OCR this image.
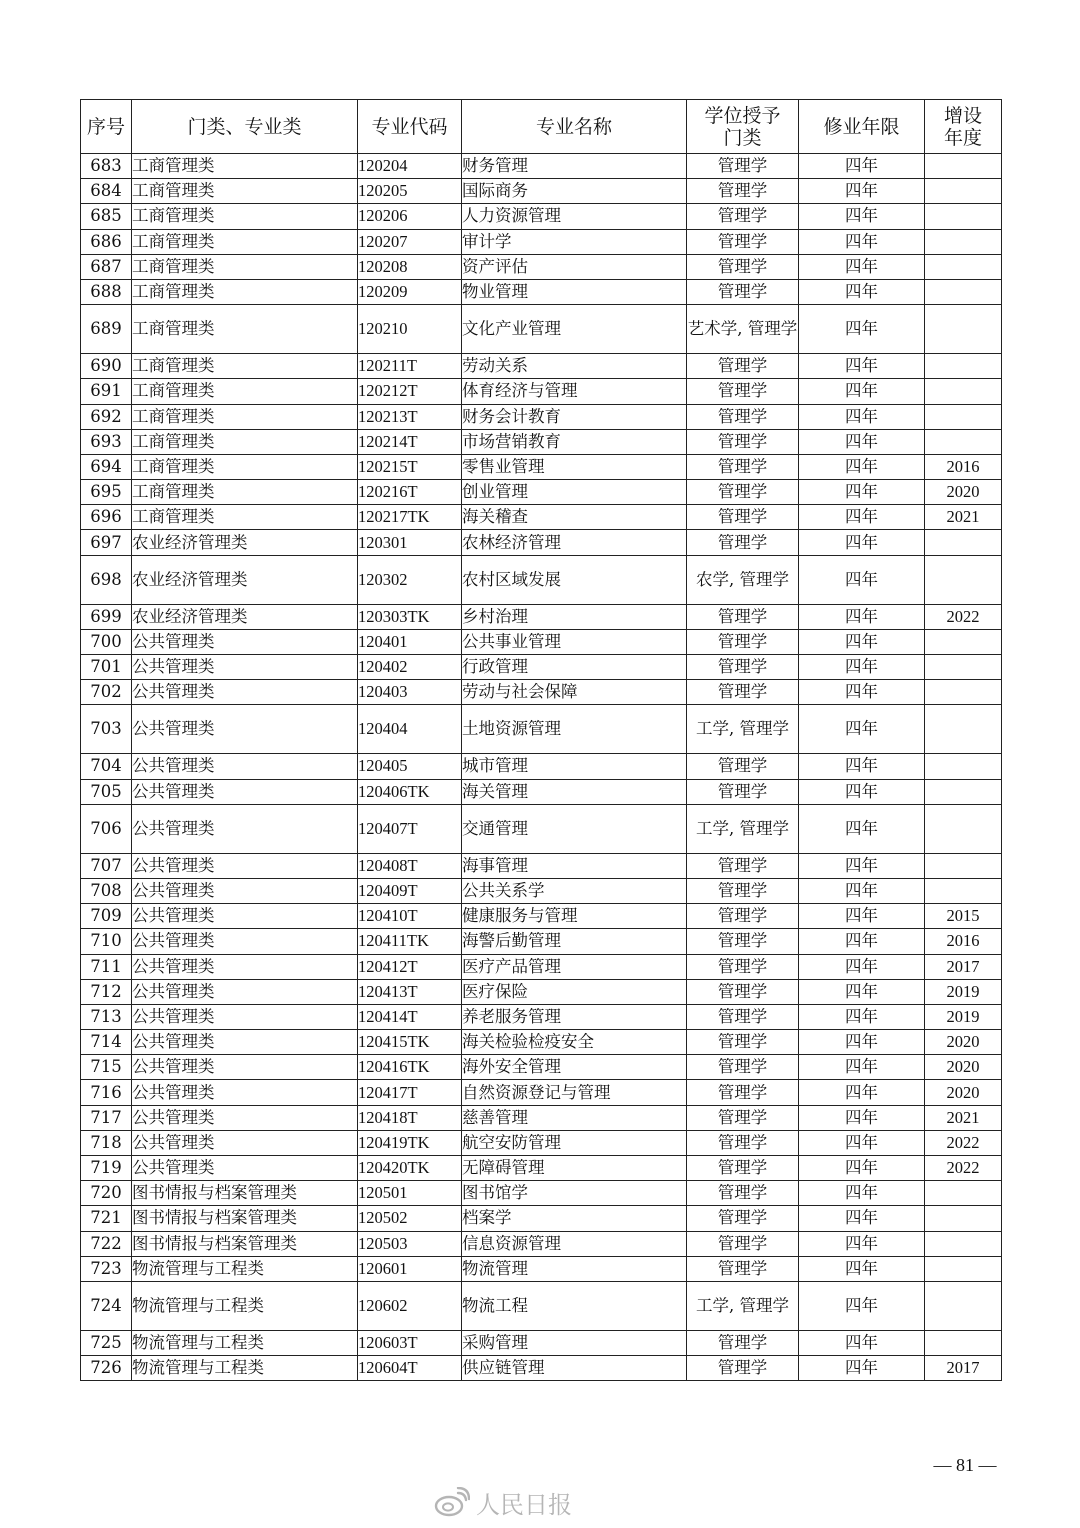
序号	门类、专业类	专业代码	专业名称	学位授予门类	修业年限	增设年度
683	工商管理类	120204	财务管理	管理学	四年	
684	工商管理类	120205	国际商务	管理学	四年	
685	工商管理类	120206	人力资源管理	管理学	四年	
686	工商管理类	120207	审计学	管理学	四年	
687	工商管理类	120208	资产评估	管理学	四年	
688	工商管理类	120209	物业管理	管理学	四年	
689	工商管理类	120210	文化产业管理	艺术学, 管理学	四年	
690	工商管理类	120211T	劳动关系	管理学	四年	
691	工商管理类	120212T	体育经济与管理	管理学	四年	
692	工商管理类	120213T	财务会计教育	管理学	四年	
693	工商管理类	120214T	市场营销教育	管理学	四年	
694	工商管理类	120215T	零售业管理	管理学	四年	2016
695	工商管理类	120216T	创业管理	管理学	四年	2020
696	工商管理类	120217TK	海关稽查	管理学	四年	2021
697	农业经济管理类	120301	农林经济管理	管理学	四年	
698	农业经济管理类	120302	农村区域发展	农学, 管理学	四年	
699	农业经济管理类	120303TK	乡村治理	管理学	四年	2022
700	公共管理类	120401	公共事业管理	管理学	四年	
701	公共管理类	120402	行政管理	管理学	四年	
702	公共管理类	120403	劳动与社会保障	管理学	四年	
703	公共管理类	120404	土地资源管理	工学, 管理学	四年	
704	公共管理类	120405	城市管理	管理学	四年	
705	公共管理类	120406TK	海关管理	管理学	四年	
706	公共管理类	120407T	交通管理	工学, 管理学	四年	
707	公共管理类	120408T	海事管理	管理学	四年	
708	公共管理类	120409T	公共关系学	管理学	四年	
709	公共管理类	120410T	健康服务与管理	管理学	四年	2015
710	公共管理类	120411TK	海警后勤管理	管理学	四年	2016
711	公共管理类	120412T	医疗产品管理	管理学	四年	2017
712	公共管理类	120413T	医疗保险	管理学	四年	2019
713	公共管理类	120414T	养老服务管理	管理学	四年	2019
714	公共管理类	120415TK	海关检验检疫安全	管理学	四年	2020
715	公共管理类	120416TK	海外安全管理	管理学	四年	2020
716	公共管理类	120417T	自然资源登记与管理	管理学	四年	2020
717	公共管理类	120418T	慈善管理	管理学	四年	2021
718	公共管理类	120419TK	航空安防管理	管理学	四年	2022
719	公共管理类	120420TK	无障碍管理	管理学	四年	2022
720	图书情报与档案管理类	120501	图书馆学	管理学	四年	
721	图书情报与档案管理类	120502	档案学	管理学	四年	
722	图书情报与档案管理类	120503	信息资源管理	管理学	四年	
723	物流管理与工程类	120601	物流管理	管理学	四年	
724	物流管理与工程类	120602	物流工程	工学, 管理学	四年	
725	物流管理与工程类	120603T	采购管理	管理学	四年	
726	物流管理与工程类	120604T	供应链管理	管理学	四年	2017
— 81 —
人民日报
